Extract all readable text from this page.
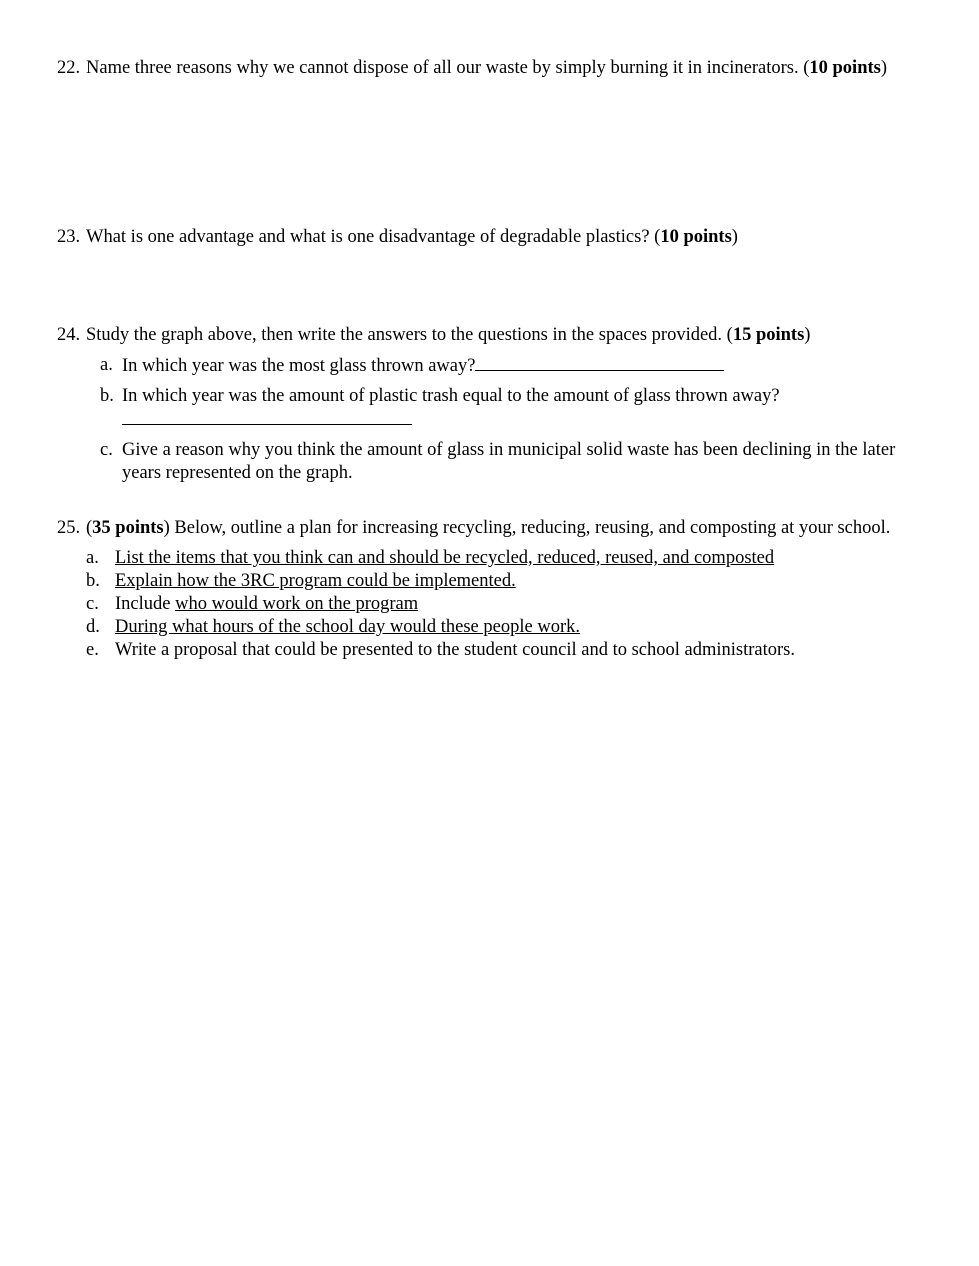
22. Name three reasons why we cannot dispose of all our waste by simply burning it in incinerators. (10 points)
23. What is one advantage and what is one disadvantage of degradable plastics? (10 points)
24. Study the graph above, then write the answers to the questions in the spaces provided. (15 points)
a. In which year was the most glass thrown away?
b. In which year was the amount of plastic trash equal to the amount of glass thrown away?
c. Give a reason why you think the amount of glass in municipal solid waste has been declining in the later years represented on the graph.
25. (35 points) Below, outline a plan for increasing recycling, reducing, reusing, and composting at your school.
a. List the items that you think can and should be recycled, reduced, reused, and composted
b. Explain how the 3RC program could be implemented.
c. Include who would work on the program
d. During what hours of the school day would these people work.
e. Write a proposal that could be presented to the student council and to school administrators.
